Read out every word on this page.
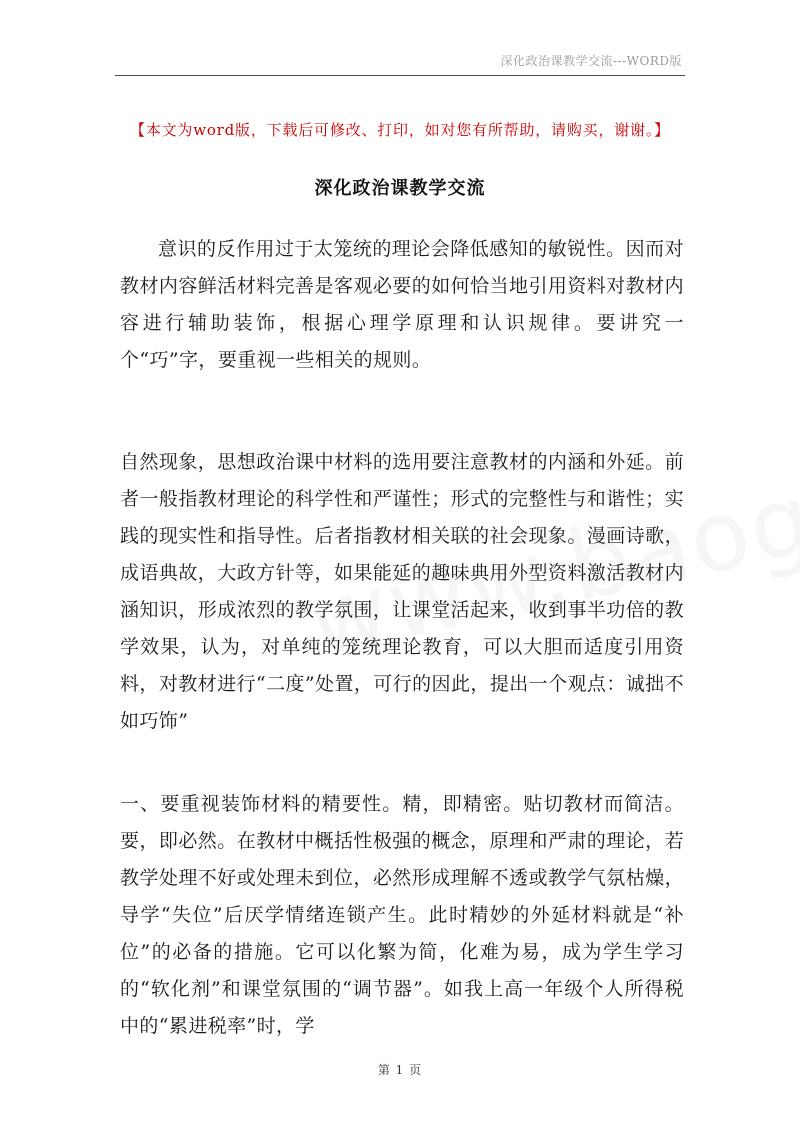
深化政治课教学交流---WORD版
【本文为word版，下载后可修改、打印，如对您有所帮助，请购买，谢谢。】
深化政治课教学交流
意识的反作用过于太笼统的理论会降低感知的敏锐性。因而对教材内容鲜活材料完善是客观必要的如何恰当地引用资料对教材内容进行辅助装饰，根据心理学原理和认识规律。要讲究一个“巧”字，要重视一些相关的规则。
自然现象，思想政治课中材料的选用要注意教材的内涵和外延。前者一般指教材理论的科学性和严谨性；形式的完整性与和谐性；实践的现实性和指导性。后者指教材相关联的社会现象。漫画诗歌，成语典故，大政方针等，如果能延的趣味典用外型资料激活教材内涵知识，形成浓烈的教学氛围，让课堂活起来，收到事半功倍的教学效果，认为，对单纯的笼统理论教育，可以大胆而适度引用资料，对教材进行“二度”处置，可行的因此，提出一个观点：诚拙不如巧饰”
一、要重视装饰材料的精要性。精，即精密。贴切教材而简洁。要，即必然。在教材中概括性极强的概念，原理和严肃的理论，若教学处理不好或处理未到位，必然形成理解不透或教学气氛枯燥，导学“失位”后厌学情绪连锁产生。此时精妙的外延材料就是“补位”的必备的措施。它可以化繁为简，化难为易，成为学生学习的“软化剂”和课堂氛围的“调节器”。如我上高一年级个人所得税中的“累进税率”时，学
第 1 页
